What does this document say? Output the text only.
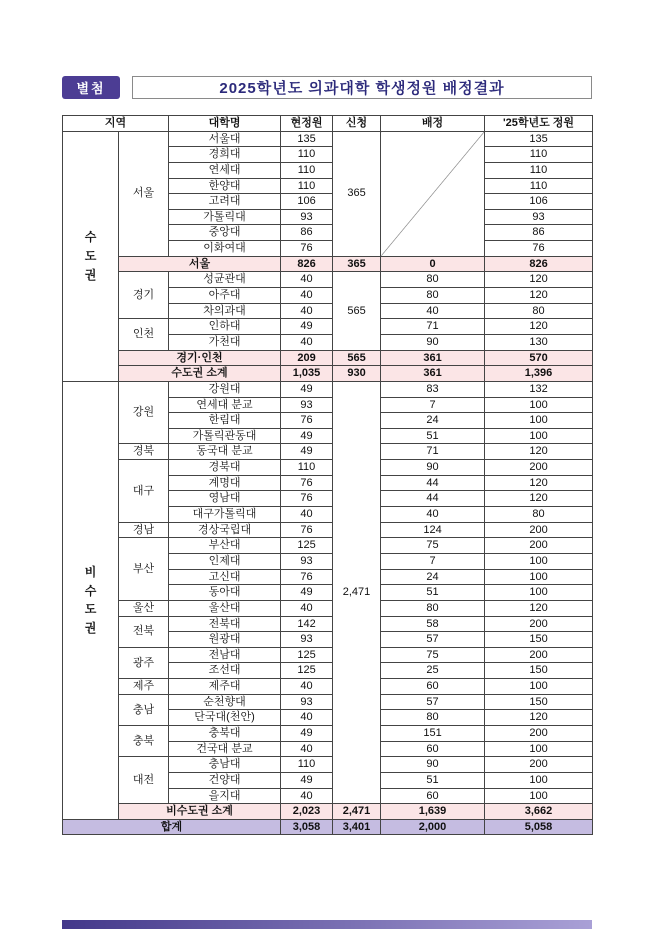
별첨	2025학년도 의과대학 학생정원 배정결과
지역		대학명	현정원	신청	배정	'25학년도 정원

수
도
권	서울	서울대	135	365		135
		경희대	110			110
		연세대	110			110
		한양대	110			110
		고려대	106			106
		가톨릭대	93			93
		중앙대	86			86
		이화여대	76			76
	서울		826	365	0	826
	경기	성균관대	40	565	80	120
		아주대	40		80	120
		차의과대	40		40	80
	인천	인하대	49		71	120
		가천대	40		90	130
	경기·인천		209	565	361	570
	수도권 소계		1,035	930	361	1,396

비
수
도
권	강원	강원대	49	2,471	83	132
		연세대 분교	93		7	100
		한림대	76		24	100
		가톨릭관동대	49		51	100
	경북	동국대 분교	49		71	120
	대구	경북대	110		90	200
		계명대	76		44	120
		영남대	76		44	120
		대구가톨릭대	40		40	80
	경남	경상국립대	76		124	200
	부산	부산대	125		75	200
		인제대	93		7	100
		고신대	76		24	100
		동아대	49		51	100
	울산	울산대	40		80	120
	전북	전북대	142		58	200
		원광대	93		57	150
	광주	전남대	125		75	200
		조선대	125		25	150
	제주	제주대	40		60	100
	충남	순천향대	93		57	150
		단국대(천안)	40		80	120
	충북	충북대	49		151	200
		건국대 분교	40		60	100
	대전	충남대	110		90	200
		건양대	49		51	100
		을지대	40		60	100
	비수도권 소계		2,023	2,471	1,639	3,662
합계			3,058	3,401	2,000	5,058
